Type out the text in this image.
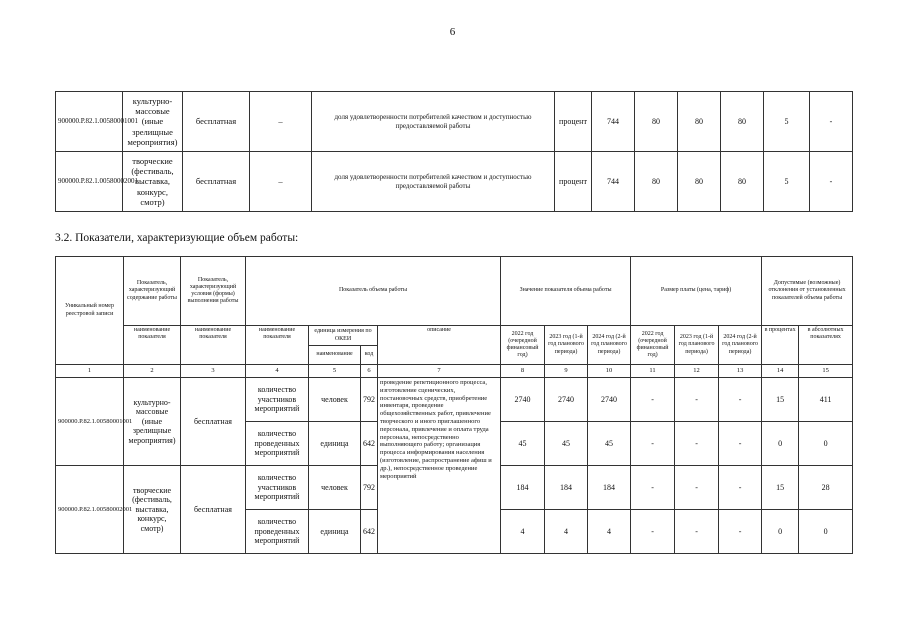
6
900000.Р.82.1.00580001001	культурно-массовые (иные зрелищные мероприятия)	бесплатная	–	доля удовлетворенности потребителей качеством и доступностью предоставляемой работы	процент	744	80	80	80	5	-
900000.Р.82.1.00580002001	творческие (фестиваль, выставка, конкурс, смотр)	бесплатная	–	доля удовлетворенности потребителей качеством и доступностью предоставляемой работы	процент	744	80	80	80	5	-
3.2. Показатели, характеризующие объем работы:
Уникальный номер реестровой записи	Показатель, характеризующий содержание работы	Показатель, характеризующий условия (формы) выполнения работы	Показатель объема работы				Значение показателя объема работы			Размер платы (цена, тариф)			Допустимые (возможные) отклонения от установленных показателей объема работы	
	наименование показателя	наименование показателя	наименование показателя	единица измерения по ОКЕИ		описание	2022 год (очередной финансовый год)	2023 год (1-й год планового периода)	2024 год (2-й год планового периода)	2022 год (очередной финансовый год)	2023 год (1-й год планового периода)	2024 год (2-й год планового периода)	в процентах	в абсолютных показателях
				наименование	код									
1	2	3	4	5	6	7	8	9	10	11	12	13	14	15
900000.Р.82.1.00580001001	культурно-массовые (иные зрелищные мероприятия)	бесплатная	количество участников мероприятий	человек	792	проведение репетиционного процесса, изготовление сценических, постановочных средств, приобретение инвентаря, проведение общехозяйственных работ, привлечение творческого и иного приглашенного персонала, привлечение и оплата труда персонала, непосредственно выполняющего работу; организация процесса информирования населения (изготовление, распространение афиш и др.), непосредственное проведение мероприятий	2740	2740	2740	-	-	-	15	411
			количество проведенных мероприятий	единица	642		45	45	45	-	-	-	0	0
900000.Р.82.1.00580002001	творческие (фестиваль, выставка, конкурс, смотр)	бесплатная	количество участников мероприятий	человек	792		184	184	184	-	-	-	15	28
			количество проведенных мероприятий	единица	642		4	4	4	-	-	-	0	0
